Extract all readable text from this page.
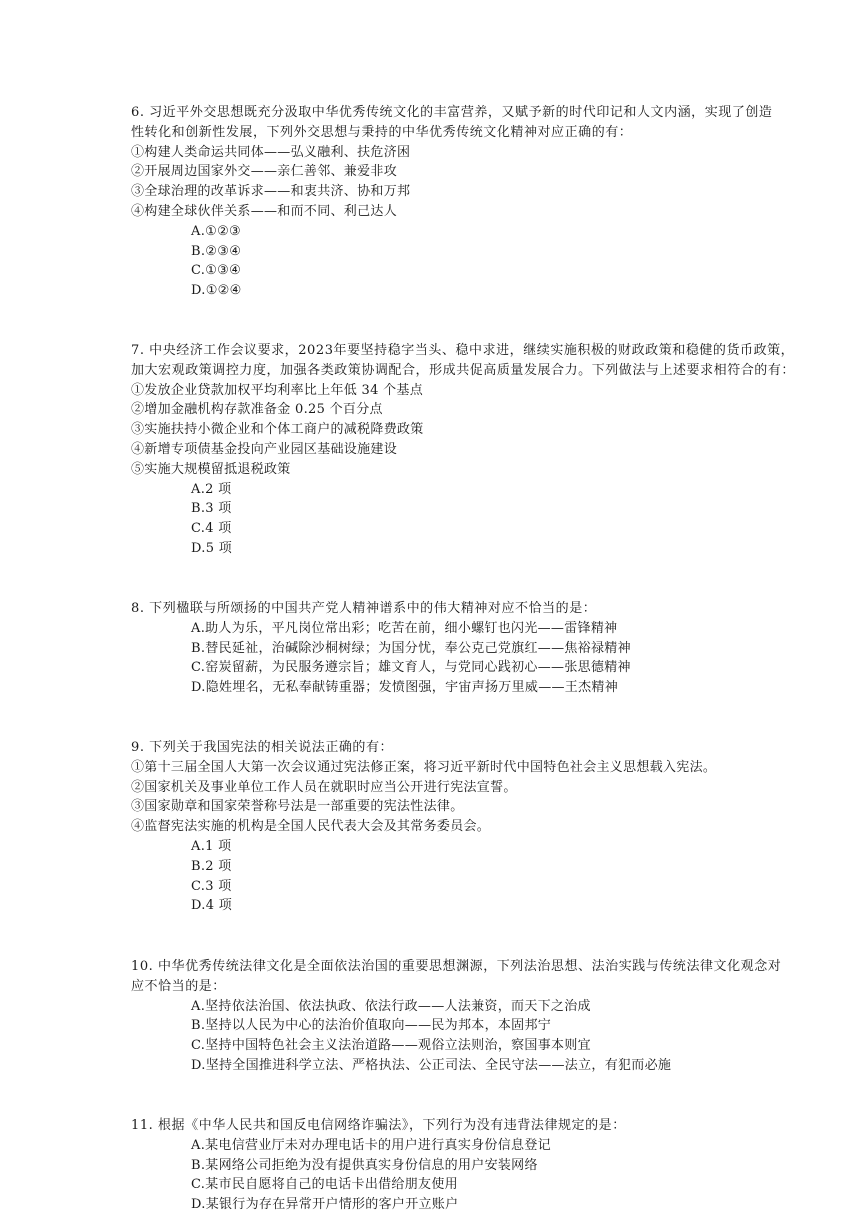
6. 习近平外交思想既充分汲取中华优秀传统文化的丰富营养，又赋予新的时代印记和人文内涵，实现了创造
性转化和创新性发展，下列外交思想与秉持的中华优秀传统文化精神对应正确的有：
①构建人类命运共同体——弘义融利、扶危济困
②开展周边国家外交——亲仁善邻、兼爱非攻
③全球治理的改革诉求——和衷共济、协和万邦
④构建全球伙伴关系——和而不同、利己达人
A.①②③
B.②③④
C.①③④
D.①②④
7. 中央经济工作会议要求，2023年要坚持稳字当头、稳中求进，继续实施积极的财政政策和稳健的货币政策，
加大宏观政策调控力度，加强各类政策协调配合，形成共促高质量发展合力。下列做法与上述要求相符合的有：
①发放企业贷款加权平均利率比上年低 34 个基点
②增加金融机构存款准备金 0.25 个百分点
③实施扶持小微企业和个体工商户的减税降费政策
④新增专项债基金投向产业园区基础设施建设
⑤实施大规模留抵退税政策
A.2 项
B.3 项
C.4 项
D.5 项
8. 下列楹联与所颂扬的中国共产党人精神谱系中的伟大精神对应不恰当的是：
A.助人为乐，平凡岗位常出彩；吃苦在前，细小螺钉也闪光——雷锋精神
B.替民延祉，治碱除沙桐树绿；为国分忧，奉公克己党旗红——焦裕禄精神
C.窑炭留薪，为民服务遵宗旨；雄文育人，与党同心践初心——张思德精神
D.隐姓埋名，无私奉献铸重器；发愤图强，宇宙声扬万里威——王杰精神
9. 下列关于我国宪法的相关说法正确的有：
①第十三届全国人大第一次会议通过宪法修正案，将习近平新时代中国特色社会主义思想载入宪法。
②国家机关及事业单位工作人员在就职时应当公开进行宪法宣誓。
③国家勋章和国家荣誉称号法是一部重要的宪法性法律。
④监督宪法实施的机构是全国人民代表大会及其常务委员会。
A.1 项
B.2 项
C.3 项
D.4 项
10. 中华优秀传统法律文化是全面依法治国的重要思想渊源，下列法治思想、法治实践与传统法律文化观念对
应不恰当的是：
A.坚持依法治国、依法执政、依法行政——人法兼资，而天下之治成
B.坚持以人民为中心的法治价值取向——民为邦本，本固邦宁
C.坚持中国特色社会主义法治道路——观俗立法则治，察国事本则宜
D.坚持全国推进科学立法、严格执法、公正司法、全民守法——法立，有犯而必施
11. 根据《中华人民共和国反电信网络诈骗法》，下列行为没有违背法律规定的是：
A.某电信营业厅未对办理电话卡的用户进行真实身份信息登记
B.某网络公司拒绝为没有提供真实身份信息的用户安装网络
C.某市民自愿将自己的电话卡出借给朋友使用
D.某银行为存在异常开户情形的客户开立账户
